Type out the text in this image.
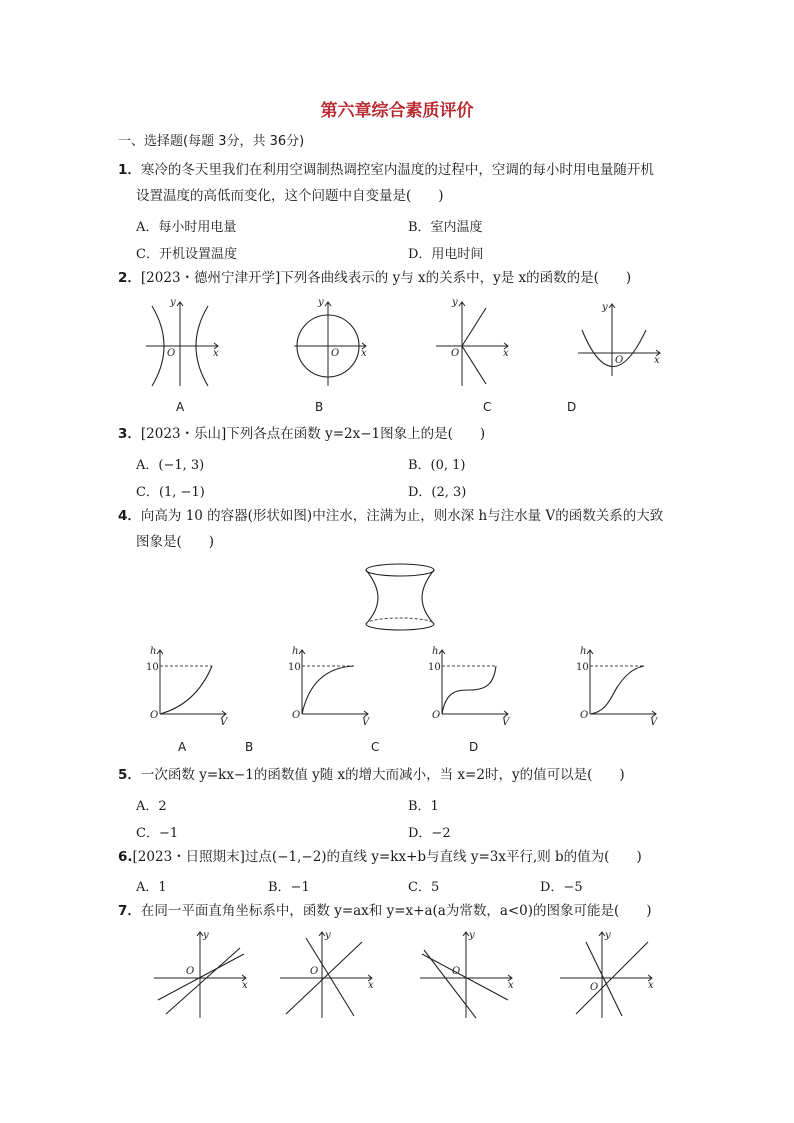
第六章综合素质评价
一、选择题(每题 3分，共 36分)
1．寒冷的冬天里我们在利用空调制热调控室内温度的过程中，空调的每小时用电量随开机
设置温度的高低而变化，这个问题中自变量是(　　)
A．每小时用电量	B．室内温度
C．开机设置温度	D．用电时间
2．[2023・德州宁津开学]下列各曲线表示的 y与 x的关系中，y是 x的函数的是(　　)
y
x
O
y
x
O
y
x
O
y
x
O
A	B	C	D
3．[2023・乐山]下列各点在函数 y=2x−1图象上的是(　　)
A．(−1, 3)	B．(0, 1)
C．(1, −1)	D．(2, 3)
4．向高为 10 的容器(形状如图)中注水，注满为止，则水深 h与注水量 V的函数关系的大致
图象是(　　)
h
10
V
O
h
10
V
O
h
10
V
O
h
10
V
O
A	B	C	D
5．一次函数 y=kx−1的函数值 y随 x的增大而减小，当 x=2时，y的值可以是(　　)
A．2	B．1
C．−1	D．−2
6.[2023・日照期末]过点(−1,−2)的直线 y=kx+b与直线 y=3x平行,则 b的值为(　　)
A．1	B．−1	C．5	D．−5
7．在同一平面直角坐标系中，函数 y=ax和 y=x+a(a为常数，a<0)的图象可能是(　　)
y
x
O
y
x
O
y
x
O
y
x
O
